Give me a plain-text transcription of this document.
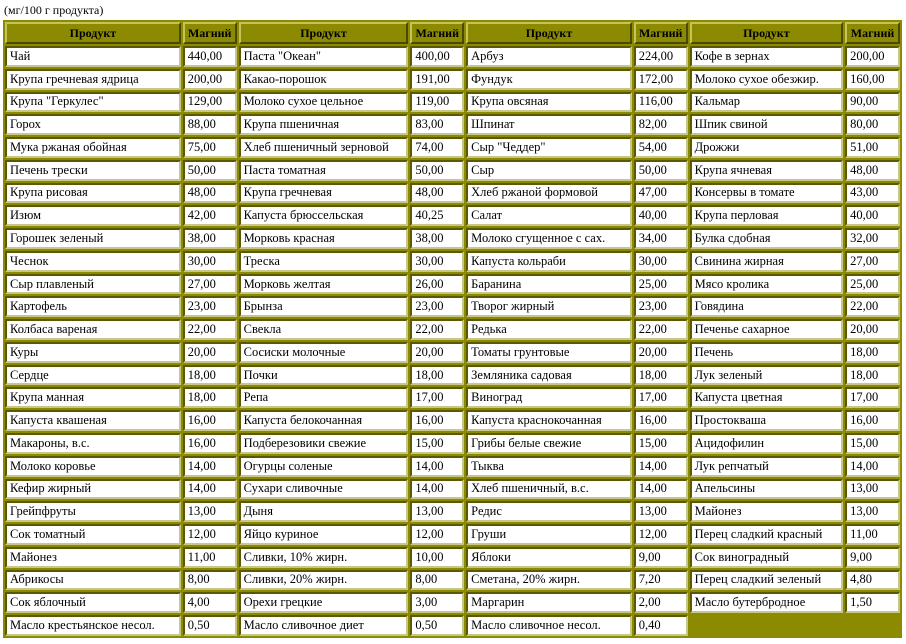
(мг/100 г продукта)
Продукт	Магний	Продукт	Магний	Продукт	Магний	Продукт	Магний
Чай	440,00	Паста "Океан"	400,00	Арбуз	224,00	Кофе в зернах	200,00
Крупа гречневая ядрица	200,00	Какао-порошок	191,00	Фундук	172,00	Молоко сухое обезжир.	160,00
Крупа "Геркулес"	129,00	Молоко сухое цельное	119,00	Крупа овсяная	116,00	Кальмар	90,00
Горох	88,00	Крупа пшеничная	83,00	Шпинат	82,00	Шпик свиной	80,00
Мука ржаная обойная	75,00	Хлеб пшеничный зерновой	74,00	Сыр "Чеддер"	54,00	Дрожжи	51,00
Печень трески	50,00	Паста томатная	50,00	Сыр	50,00	Крупа ячневая	48,00
Крупа рисовая	48,00	Крупа гречневая	48,00	Хлеб ржаной формовой	47,00	Консервы в томате	43,00
Изюм	42,00	Капуста брюссельская	40,25	Салат	40,00	Крупа перловая	40,00
Горошек зеленый	38,00	Морковь красная	38,00	Молоко сгущенное с сах.	34,00	Булка сдобная	32,00
Чеснок	30,00	Треска	30,00	Капуста кольраби	30,00	Свинина жирная	27,00
Сыр плавленый	27,00	Морковь желтая	26,00	Баранина	25,00	Мясо кролика	25,00
Картофель	23,00	Брынза	23,00	Творог жирный	23,00	Говядина	22,00
Колбаса вареная	22,00	Свекла	22,00	Редька	22,00	Печенье сахарное	20,00
Куры	20,00	Сосиски молочные	20,00	Томаты грунтовые	20,00	Печень	18,00
Сердце	18,00	Почки	18,00	Земляника садовая	18,00	Лук зеленый	18,00
Крупа манная	18,00	Репа	17,00	Виноград	17,00	Капуста цветная	17,00
Капуста квашеная	16,00	Капуста белокочанная	16,00	Капуста краснокочанная	16,00	Простокваша	16,00
Макароны, в.с.	16,00	Подберезовики свежие	15,00	Грибы белые свежие	15,00	Ацидофилин	15,00
Молоко коровье	14,00	Огурцы соленые	14,00	Тыква	14,00	Лук репчатый	14,00
Кефир жирный	14,00	Сухари сливочные	14,00	Хлеб пшеничный, в.с.	14,00	Апельсины	13,00
Грейпфруты	13,00	Дыня	13,00	Редис	13,00	Майонез	13,00
Сок томатный	12,00	Яйцо куриное	12,00	Груши	12,00	Перец сладкий красный	11,00
Майонез	11,00	Сливки, 10% жирн.	10,00	Яблоки	9,00	Сок виноградный	9,00
Абрикосы	8,00	Сливки, 20% жирн.	8,00	Сметана, 20% жирн.	7,20	Перец сладкий зеленый	4,80
Сок яблочный	4,00	Орехи грецкие	3,00	Маргарин	2,00	Масло бутербродное	1,50
Масло крестьянское несол.	0,50	Масло сливочное диет	0,50	Масло сливочное несол.	0,40		
